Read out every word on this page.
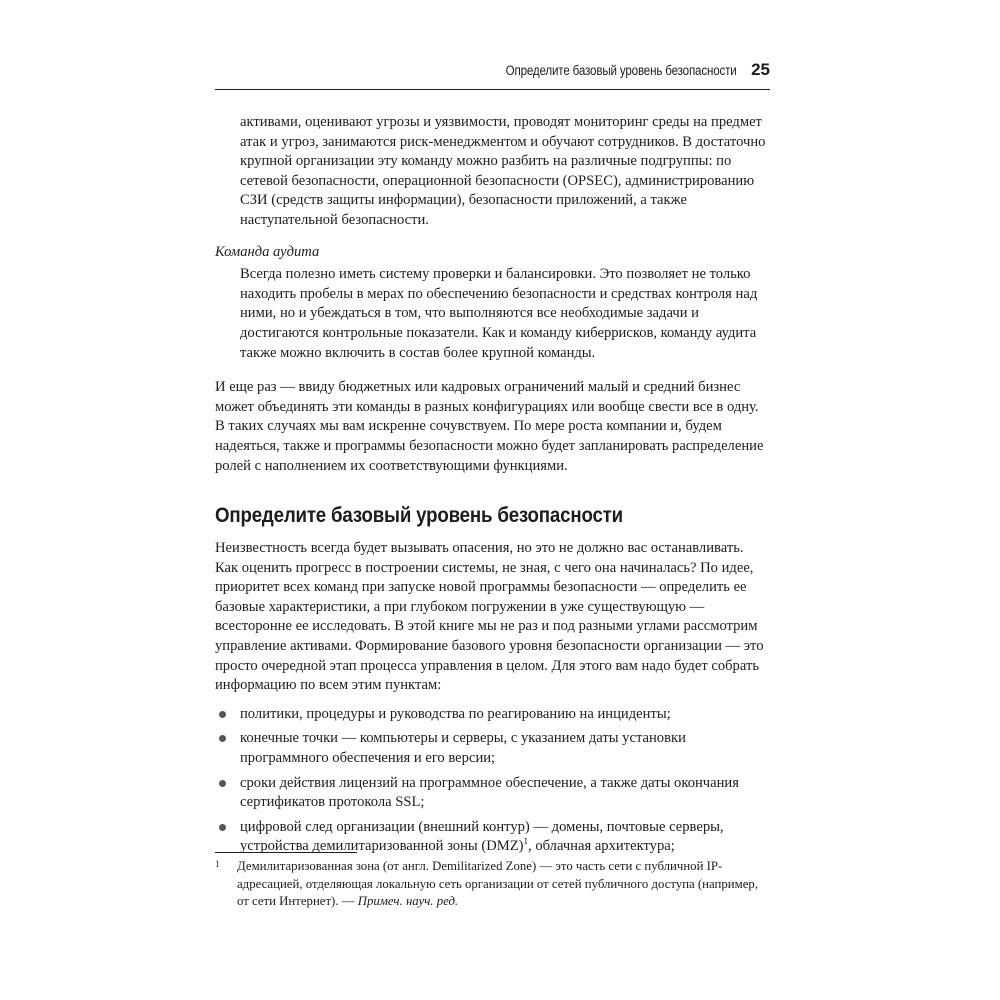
Определите базовый уровень безопасности 25

активами, оценивают угрозы и уязвимости, проводят мониторинг среды на предмет атак и угроз, занимаются риск-менеджментом и обучают сотрудников. В достаточно крупной организации эту команду можно разбить на различные подгруппы: по сетевой безопасности, операционной безопасности (OPSEC), администрированию СЗИ (средств защиты информации), безопасности приложений, а также наступательной безопасности.

Команда аудита

Всегда полезно иметь систему проверки и балансировки. Это позволяет не только находить пробелы в мерах по обеспечению безопасности и средствах контроля над ними, но и убеждаться в том, что выполняются все необходимые задачи и достигаются контрольные показатели. Как и команду киберрисков, команду аудита также можно включить в состав более крупной команды.

И еще раз — ввиду бюджетных или кадровых ограничений малый и средний бизнес может объединять эти команды в разных конфигурациях или вообще свести все в одну. В таких случаях мы вам искренне сочувствуем. По мере роста компании и, будем надеяться, также и программы безопасности можно будет запланировать распределение ролей с наполнением их соответствующими функциями.

Определите базовый уровень безопасности

Неизвестность всегда будет вызывать опасения, но это не должно вас останавливать. Как оценить прогресс в построении системы, не зная, с чего она начиналась? По идее, приоритет всех команд при запуске новой программы безопасности — определить ее базовые характеристики, а при глубоком погружении в уже существующую — всесторонне ее исследовать. В этой книге мы не раз и под разными углами рассмотрим управление активами. Формирование базового уровня безопасности организации — это просто очередной этап процесса управления в целом. Для этого вам надо будет собрать информацию по всем этим пунктам:

политики, процедуры и руководства по реагированию на инциденты;
конечные точки — компьютеры и серверы, с указанием даты установки программного обеспечения и его версии;
сроки действия лицензий на программное обеспечение, а также даты окончания сертификатов протокола SSL;
цифровой след организации (внешний контур) — домены, почтовые серверы, устройства демилитаризованной зоны (DMZ)$^1$, облачная архитектура;
1 Демилитаризованная зона (от англ. Demilitarized Zone) — это часть сети с публичной IP-адресацией, отделяющая локальную сеть организации от сетей публичного доступа (например, от сети Интернет). — Примеч. науч. ред.
